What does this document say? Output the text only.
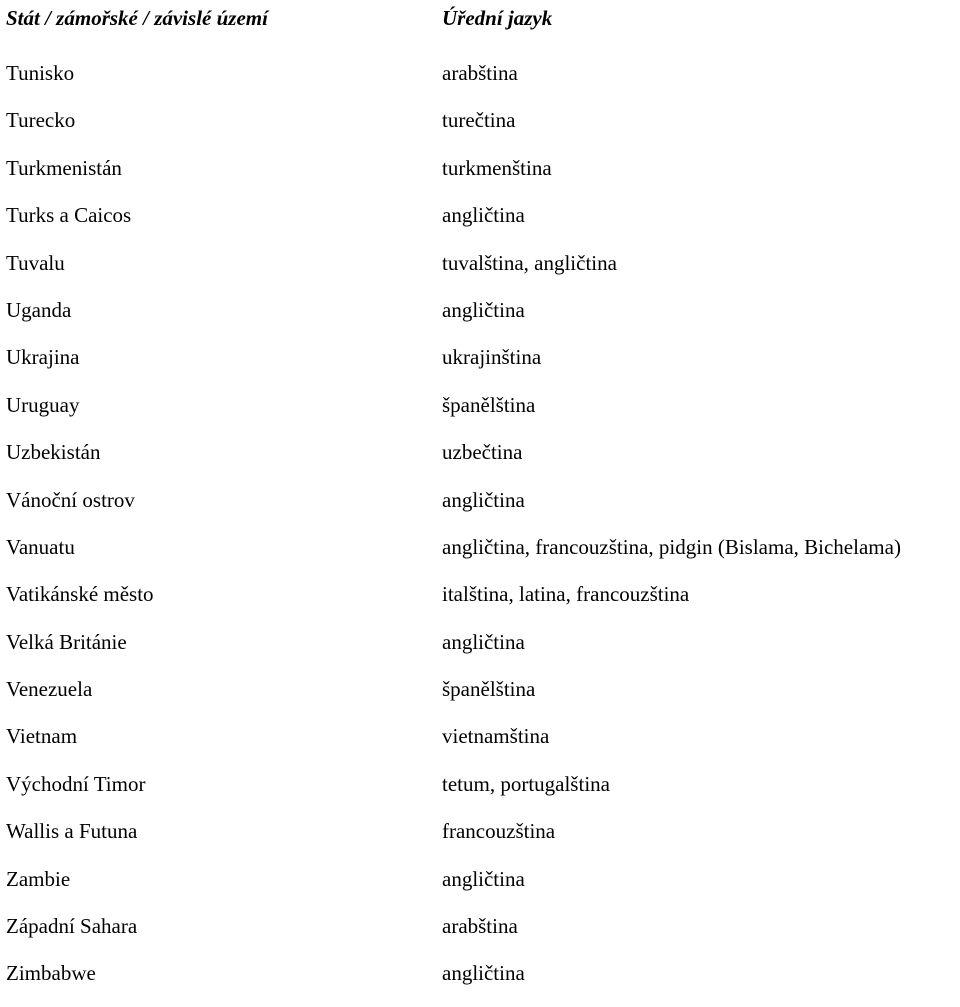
Stát / zámořské / závislé území	Úřední jazyk
Tunisko	arabština
Turecko	turečtina
Turkmenistán	turkmenština
Turks a Caicos	angličtina
Tuvalu	tuvalština, angličtina
Uganda	angličtina
Ukrajina	ukrajinština
Uruguay	španělština
Uzbekistán	uzbečtina
Vánoční ostrov	angličtina
Vanuatu	angličtina, francouzština, pidgin (Bislama, Bichelama)
Vatikánské město	italština, latina, francouzština
Velká Británie	angličtina
Venezuela	španělština
Vietnam	vietnamština
Východní Timor	tetum, portugalština
Wallis a Futuna	francouzština
Zambie	angličtina
Západní Sahara	arabština
Zimbabwe	angličtina
